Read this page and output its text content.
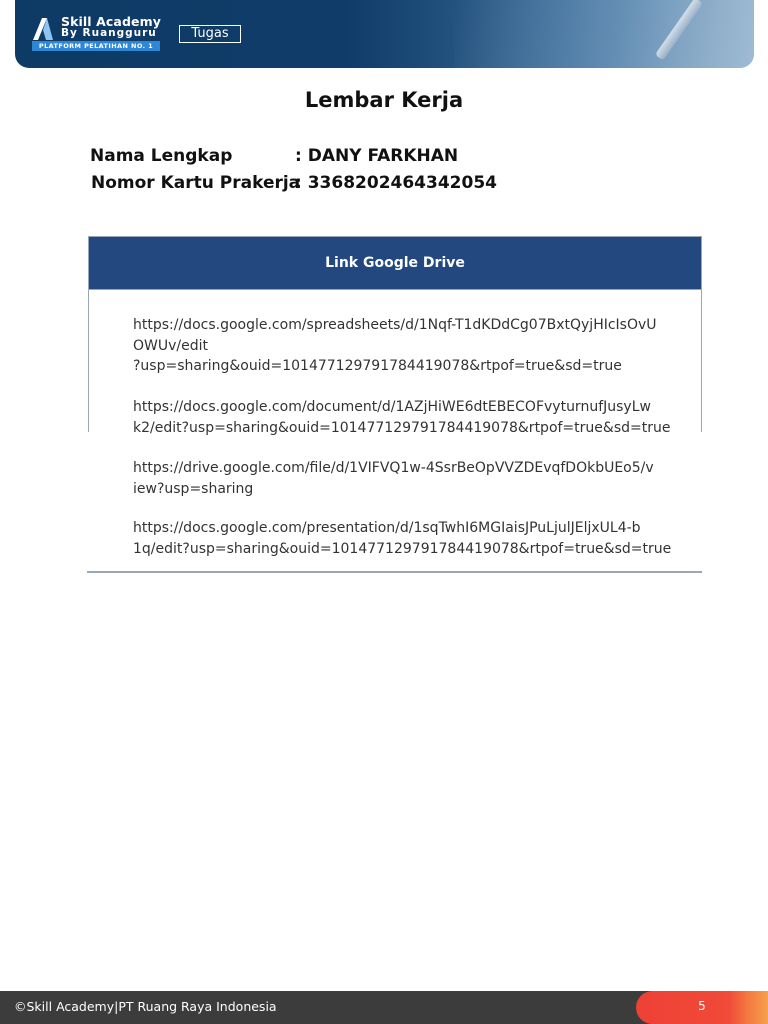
Skill Academy
By Ruangguru
PLATFORM PELATIHAN NO. 1
Tugas
Lembar Kerja
Nama Lengkap	: DANY FARKHAN
Nomor Kartu Prakerja
: 3368202464342054
Link Google Drive
https://docs.google.com/spreadsheets/d/1Nqf-T1dKDdCg07BxtQyjHIcIsOvU
OWUv/edit
?usp=sharing&ouid=101477129791784419078&rtpof=true&sd=true
https://docs.google.com/document/d/1AZjHiWE6dtEBECOFvyturnufJusyLw
k2/edit?usp=sharing&ouid=101477129791784419078&rtpof=true&sd=true
https://drive.google.com/file/d/1VIFVQ1w-4SsrBeOpVVZDEvqfDOkbUEo5/v
iew?usp=sharing
https://docs.google.com/presentation/d/1sqTwhI6MGIaisJPuLjulJEljxUL4-b
1q/edit?usp=sharing&ouid=101477129791784419078&rtpof=true&sd=true
©Skill Academy|PT Ruang Raya Indonesia	5
